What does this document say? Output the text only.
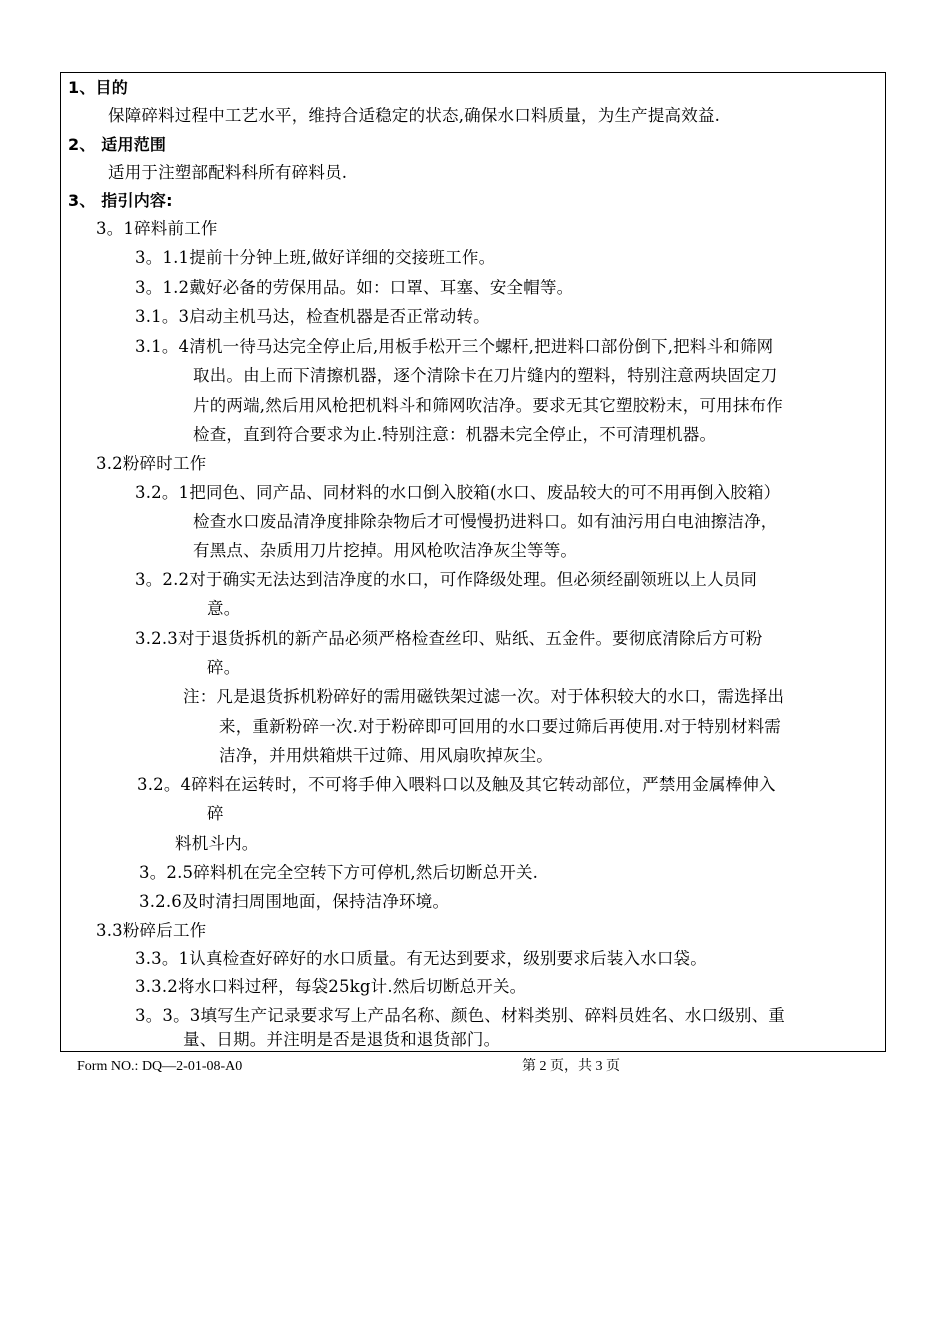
1、目的
保障碎料过程中工艺水平，维持合适稳定的状态,确保水口料质量，为生产提高效益.
2、 适用范围
适用于注塑部配料科所有碎料员.
3、 指引内容:
3。1碎料前工作
3。1.1提前十分钟上班,做好详细的交接班工作。
3。1.2戴好必备的劳保用品。如：口罩、耳塞、安全帽等。
3.1。3启动主机马达，检查机器是否正常动转。
3.1。4清机一待马达完全停止后,用板手松开三个螺杆,把进料口部份倒下,把料斗和筛网
取出。由上而下清擦机器，逐个清除卡在刀片缝内的塑料，特别注意两块固定刀
片的两端,然后用风枪把机料斗和筛网吹洁净。要求无其它塑胶粉末，可用抹布作
检查，直到符合要求为止.特别注意：机器未完全停止，不可清理机器。
3.2粉碎时工作
3.2。1把同色、同产品、同材料的水口倒入胶箱(水口、废品较大的可不用再倒入胶箱）
检查水口废品清净度排除杂物后才可慢慢扔进料口。如有油污用白电油擦洁净，
有黑点、杂质用刀片挖掉。用风枪吹洁净灰尘等等。
3。2.2对于确实无法达到洁净度的水口，可作降级处理。但必须经副领班以上人员同
意。
3.2.3对于退货拆机的新产品必须严格检查丝印、贴纸、五金件。要彻底清除后方可粉
碎。
注：凡是退货拆机粉碎好的需用磁铁架过滤一次。对于体积较大的水口，需选择出
来，重新粉碎一次.对于粉碎即可回用的水口要过筛后再使用.对于特别材料需
洁净，并用烘箱烘干过筛、用风扇吹掉灰尘。
3.2。4碎料在运转时，不可将手伸入喂料口以及触及其它转动部位，严禁用金属棒伸入
碎
料机斗内。
3。2.5碎料机在完全空转下方可停机,然后切断总开关.
3.2.6及时清扫周围地面，保持洁净环境。
3.3粉碎后工作
3.3。1认真检查好碎好的水口质量。有无达到要求，级别要求后装入水口袋。
3.3.2将水口料过秤，每袋25kg计.然后切断总开关。
3。3。3填写生产记录要求写上产品名称、颜色、材料类别、碎料员姓名、水口级别、重
量、日期。并注明是否是退货和退货部门。
Form NO.: DQ—2-01-08-A0	第 2 页，共 3 页
